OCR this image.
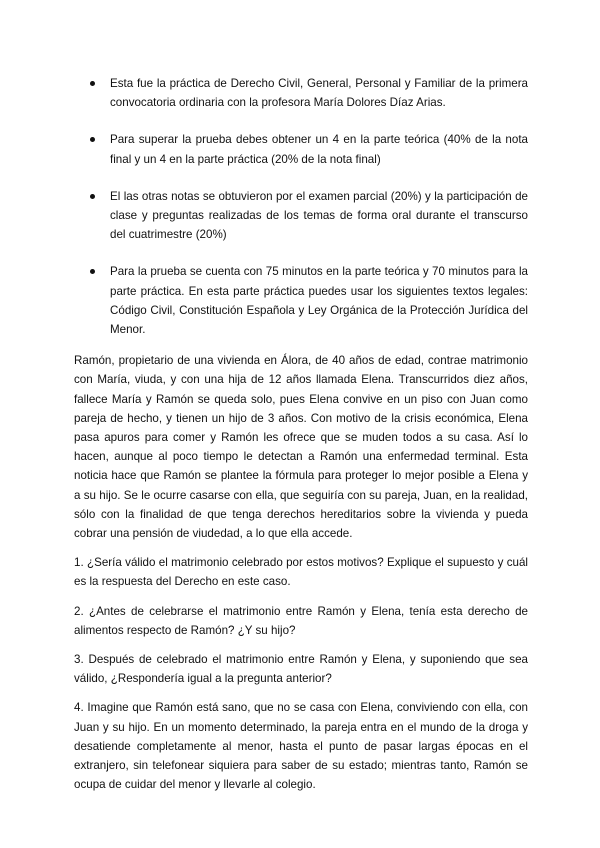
Esta fue la práctica de Derecho Civil, General, Personal y Familiar de la primera convocatoria ordinaria con la profesora María Dolores Díaz Arias.
Para superar la prueba debes obtener un 4 en la parte teórica (40% de la nota final y un 4 en la parte práctica (20% de la nota final)
El las otras notas se obtuvieron por el examen parcial (20%) y la participación de clase y preguntas realizadas de los temas de forma oral durante el transcurso del cuatrimestre (20%)
Para la prueba se cuenta con 75 minutos en la parte teórica y 70 minutos para la parte práctica. En esta parte práctica puedes usar los siguientes textos legales: Código Civil, Constitución Española y Ley Orgánica de la Protección Jurídica del Menor.

Ramón, propietario de una vivienda en Álora, de 40 años de edad, contrae matrimonio con María, viuda, y con una hija de 12 años llamada Elena. Transcurridos diez años, fallece María y Ramón se queda solo, pues Elena convive en un piso con Juan como pareja de hecho, y tienen un hijo de 3 años. Con motivo de la crisis económica, Elena pasa apuros para comer y Ramón les ofrece que se muden todos a su casa. Así lo hacen, aunque al poco tiempo le detectan a Ramón una enfermedad terminal. Esta noticia hace que Ramón se plantee la fórmula para proteger lo mejor posible a Elena y a su hijo. Se le ocurre casarse con ella, que seguiría con su pareja, Juan, en la realidad, sólo con la finalidad de que tenga derechos hereditarios sobre la vivienda y pueda cobrar una pensión de viudedad, a lo que ella accede.

1. ¿Sería válido el matrimonio celebrado por estos motivos? Explique el supuesto y cuál es la respuesta del Derecho en este caso.

2. ¿Antes de celebrarse el matrimonio entre Ramón y Elena, tenía esta derecho de alimentos respecto de Ramón? ¿Y su hijo?

3. Después de celebrado el matrimonio entre Ramón y Elena, y suponiendo que sea válido, ¿Respondería igual a la pregunta anterior?

4. Imagine que Ramón está sano, que no se casa con Elena, conviviendo con ella, con Juan y su hijo. En un momento determinado, la pareja entra en el mundo de la droga y desatiende completamente al menor, hasta el punto de pasar largas épocas en el extranjero, sin telefonear siquiera para saber de su estado; mientras tanto, Ramón se ocupa de cuidar del menor y llevarle al colegio.
